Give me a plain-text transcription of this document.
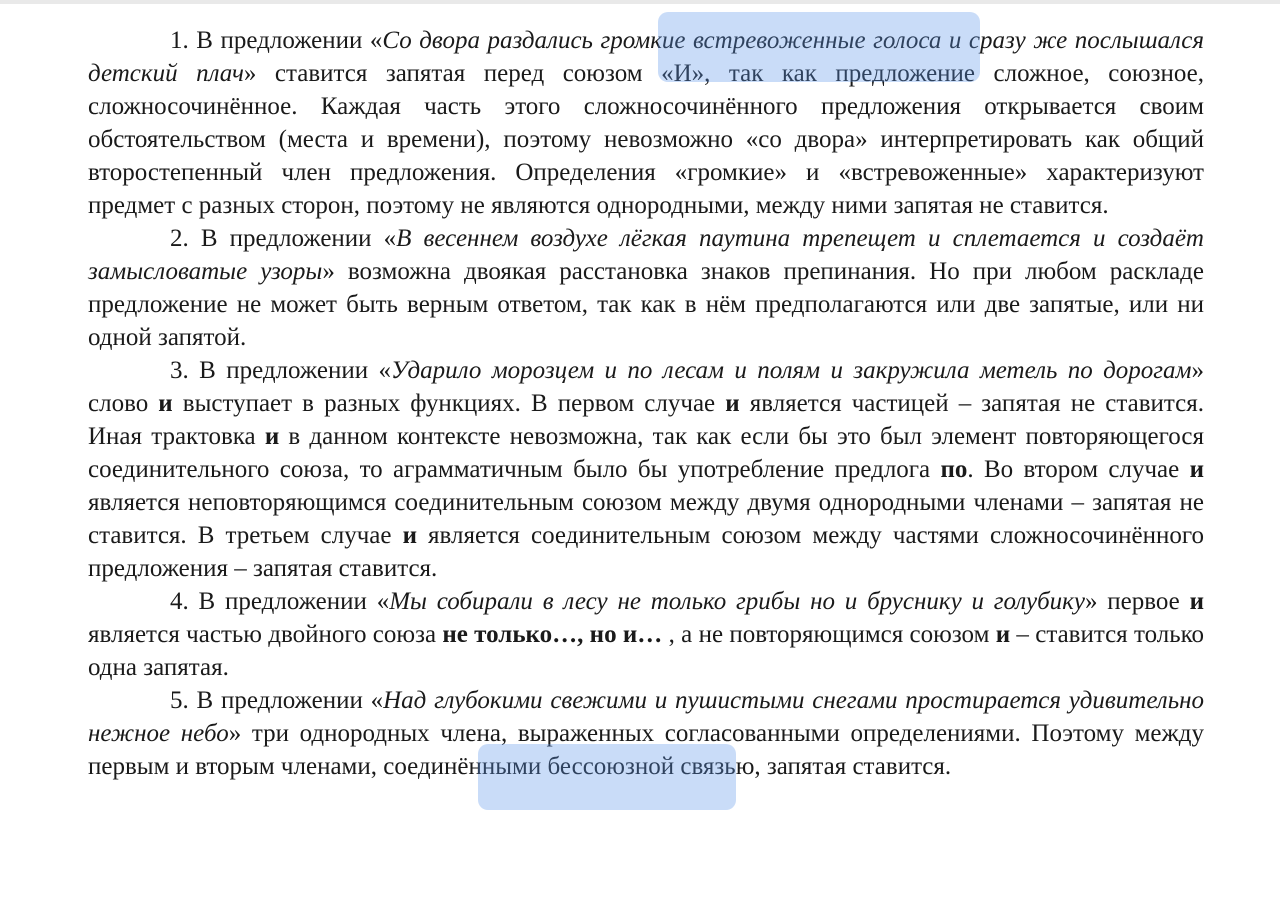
1. В предложении «Со двора раздались громкие встревоженные голоса и сразу же послышался детский плач» ставится запятая перед союзом «И», так как предложение сложное, союзное, сложносочинённое. Каждая часть этого сложносочинённого предложения открывается своим обстоятельством (места и времени), поэтому невозможно «со двора» интерпретировать как общий второстепенный член предложения. Определения «громкие» и «встревоженные» характеризуют предмет с разных сторон, поэтому не являются однородными, между ними запятая не ставится.

2. В предложении «В весеннем воздухе лёгкая паутина трепещет и сплетается и создаёт замысловатые узоры» возможна двоякая расстановка знаков препинания. Но при любом раскладе предложение не может быть верным ответом, так как в нём предполагаются или две запятые, или ни одной запятой.

3. В предложении «Ударило морозцем и по лесам и полям и закружила метель по дорогам» слово и выступает в разных функциях. В первом случае и является частицей – запятая не ставится. Иная трактовка и в данном контексте невозможна, так как если бы это был элемент повторяющегося соединительного союза, то аграмматичным было бы употребление предлога по. Во втором случае и является неповторяющимся соединительным союзом между двумя однородными членами – запятая не ставится. В третьем случае и является соединительным союзом между частями сложносочинённого предложения – запятая ставится.

4. В предложении «Мы собирали в лесу не только грибы но и бруснику и голубику» первое и является частью двойного союза не только…, но и… , а не повторяющимся союзом и – ставится только одна запятая.

5. В предложении «Над глубокими свежими и пушистыми снегами простирается удивительно нежное небо» три однородных члена, выраженных согласованными определениями. Поэтому между первым и вторым членами, соединёнными бессоюзной связью, запятая ставится.
